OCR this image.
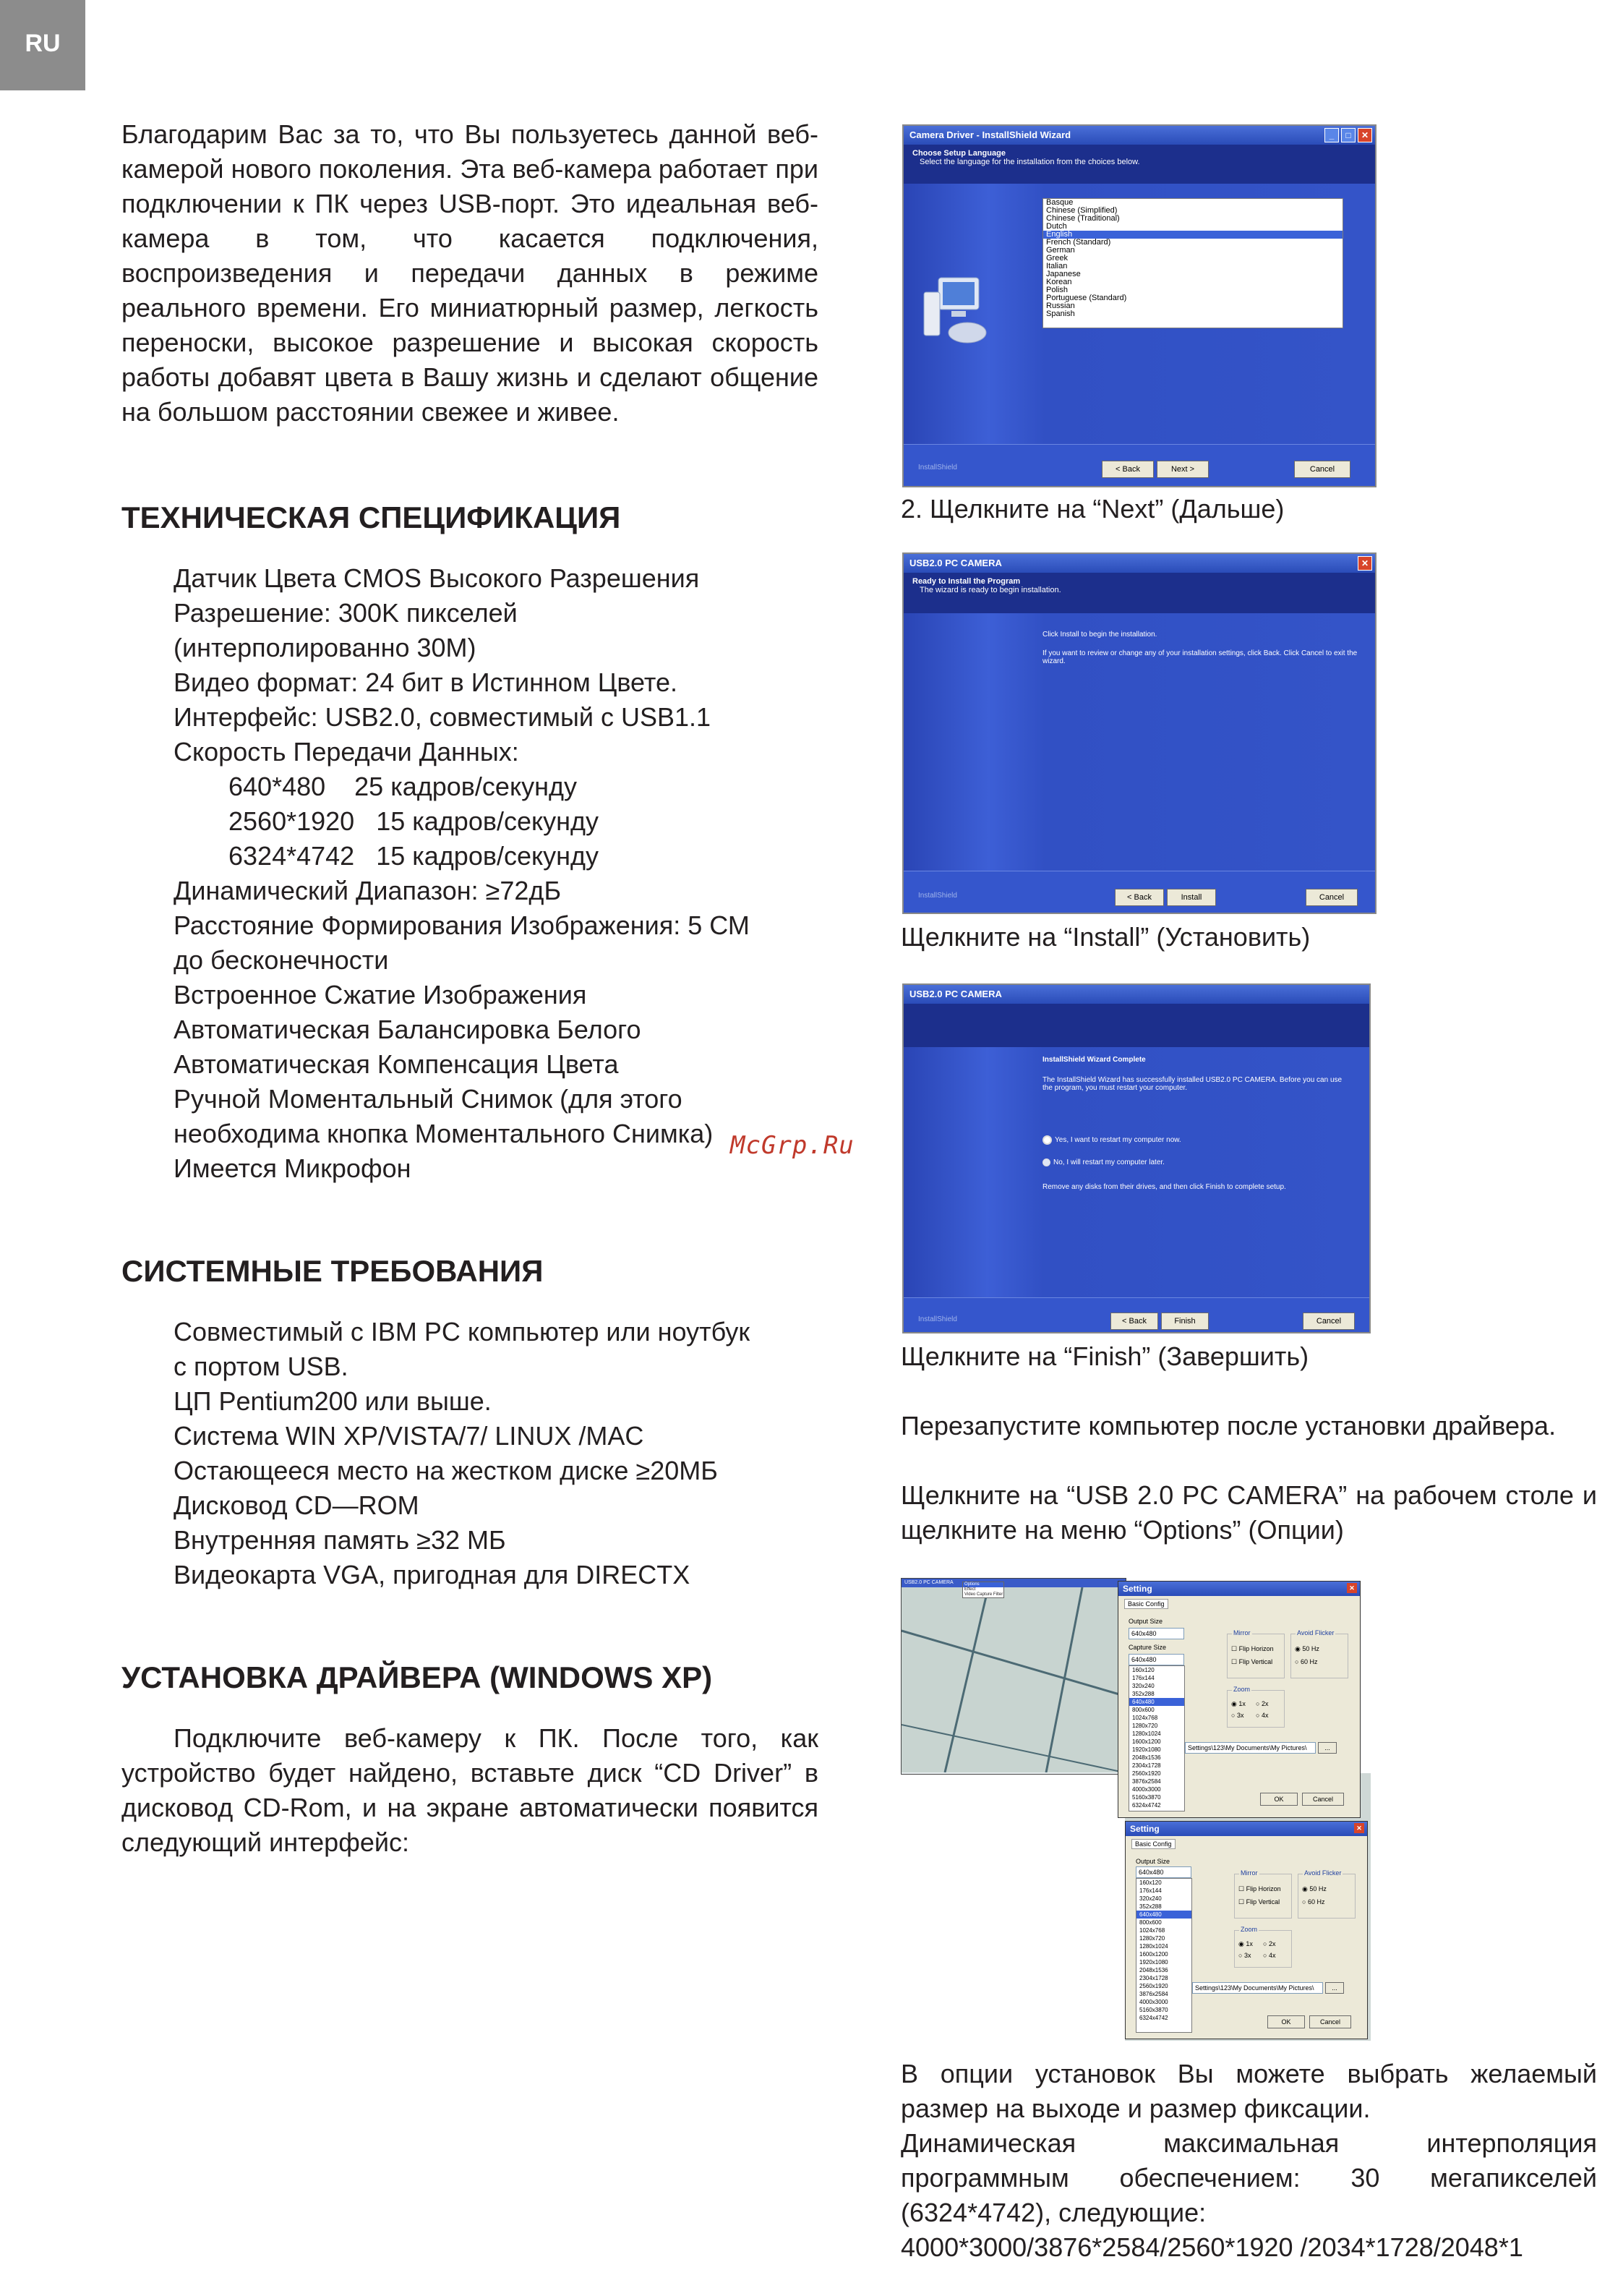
RU

Благодарим Вас за то, что Вы пользуетесь данной веб-камерой нового поколения. Эта веб-камера работает при подключении к ПК через USB-порт. Это идеальная веб-камера в том, что касается подключения, воспроизведения и передачи данных в режиме реального времени. Его миниатюрный размер, легкость переноски, высокое разрешение и высокая скорость работы добавят цвета в Вашу жизнь и сделают общение на большом расстоянии свежее и живее.

ТЕХНИЧЕСКАЯ СПЕЦИФИКАЦИЯ
Датчик Цвета CMOS Высокого Разрешения
Разрешение: 300K пикселей
(интерполированно 30M)
Видео формат: 24 бит в Истинном Цвете.
Интерфейс: USB2.0, совместимый с USB1.1
Скорость Передачи Данных:
640*480    25 кадров/секунду
2560*1920   15 кадров/секунду
6324*4742   15 кадров/секунду
Динамический Диапазон: ≥72дБ
Расстояние Формирования Изображения: 5 СМ
до бесконечности
Встроенное Сжатие Изображения
Автоматическая Балансировка Белого
Автоматическая Компенсация Цвета
Ручной Моментальный Снимок (для этого
необходима кнопка Моментального Снимка)
Имеется Микрофон
СИСТЕМНЫЕ ТРЕБОВАНИЯ
Совместимый с IBM PC компьютер или ноутбук
с портом USB.
ЦП Pentium200 или выше.
Система WIN XP/VISTA/7/ LINUX /MAC
Остающееся место на жестком диске ≥20МБ
Дисковод CD—ROM
Внутренняя память ≥32 МБ
Видеокарта VGA, пригодная для DIRECTX
УСТАНОВКА ДРАЙВЕРА (WINDOWS XP)

Подключите веб-камеру к ПК. После того, как устройство будет найдено, вставьте диск “CD Driver” в дисковод CD-Rom, и на экране автоматически появится следующий интерфейс:

McGrp.Ru
Camera Driver - InstallShield Wizard	_	□	✕
Choose Setup Language
Select the language for the installation from the choices below.
Basque
Chinese (Simplified)
Chinese (Traditional)
Dutch
English
French (Standard)
German
Greek
Italian
Japanese
Korean
Polish
Portuguese (Standard)
Russian
Spanish
InstallShield	< Back	Next >	Cancel

2. Щелкните на “Next” (Дальше)

USB2.0 PC CAMERA	✕
Ready to Install the Program
The wizard is ready to begin installation.
Click Install to begin the installation.
If you want to review or change any of your installation settings, click Back. Click Cancel to exit the wizard.
InstallShield	< Back	Install	Cancel

Щелкните на “Install” (Установить)

USB2.0 PC CAMERA
InstallShield Wizard Complete
The InstallShield Wizard has successfully installed USB2.0 PC CAMERA. Before you can use the program, you must restart your computer.
Yes, I want to restart my computer now.
No, I will restart my computer later.
Remove any disks from their drives, and then click Finish to complete setup.
InstallShield	< Back	Finish	Cancel

Щелкните на “Finish” (Завершить)

Перезапустите компьютер после установки драйвера.

Щелкните на “USB 2.0 PC CAMERA” на рабочем столе и щелкните на меню “Options” (Опции)

USB2.0 PC CAMERA	Options
Effect
Video Capture Filter
Setting	✕
Basic Config
Output Size
640x480
Capture Size
640x480
160x120
176x144
320x240
352x288
640x480
800x600
1024x768
1280x720
1280x1024
1600x1200
1920x1080
2048x1536
2304x1728
2560x1920
3876x2584
4000x3000
5160x3870
6324x4742
Mirror
☐ Flip Horizon
☐ Flip Vertical
Avoid Flicker
◉ 50 Hz
○ 60 Hz
Zoom
◉ 1x ○ 2x
○ 3x ○ 4x
Settings\123\My Documents\My Pictures\	...
OK	Cancel
Setting	✕
Basic Config
Output Size
640x480
160x120
176x144
320x240
352x288
640x480
800x600
1024x768
1280x720
1280x1024
1600x1200
1920x1080
2048x1536
2304x1728
2560x1920
3876x2584
4000x3000
5160x3870
6324x4742
Mirror
☐ Flip Horizon
☐ Flip Vertical
Avoid Flicker
◉ 50 Hz
○ 60 Hz
Zoom
◉ 1x ○ 2x
○ 3x ○ 4x
Settings\123\My Documents\My Pictures\	...
OK	Cancel

В опции установок Вы можете выбрать желаемый размер на выходе и размер фиксации.

Динамическая максимальная интерполяция программным обеспечением: 30 мегапикселей (6324*4742), следующие:

4000*3000/3876*2584/2560*1920 /2034*1728/2048*1
